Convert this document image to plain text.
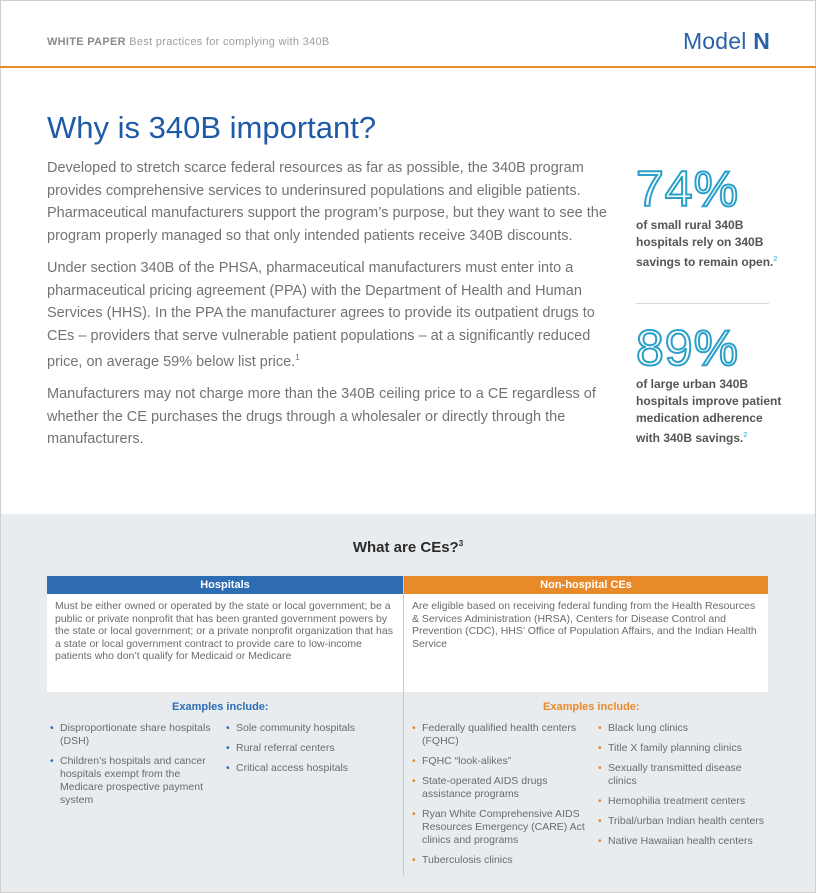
WHITE PAPER Best practices for complying with 340B	Model N
Why is 340B important?

Developed to stretch scarce federal resources as far as possible, the 340B program provides comprehensive services to underinsured populations and eligible patients. Pharmaceutical manufacturers support the program’s purpose, but they want to see the program properly managed so that only intended patients receive 340B discounts.

Under section 340B of the PHSA, pharmaceutical manufacturers must enter into a pharmaceutical pricing agreement (PPA) with the Department of Health and Human Services (HHS). In the PPA the manufacturer agrees to provide its outpatient drugs to CEs – providers that serve vulnerable patient populations – at a significantly reduced price, on average 59% below list price.$^1$

Manufacturers may not charge more than the 340B ceiling price to a CE regardless of whether the CE purchases the drugs through a wholesaler or directly through the manufacturers.

74%
of small rural 340B hospitals rely on 340B savings to remain open.$^2$
89%
of large urban 340B hospitals improve patient medication adherence with 340B savings.$^2$
What are CEs?$^3$
Hospitals
Must be either owned or operated by the state or local government; be a public or private nonprofit that has been granted government powers by the state or local government; or a private nonprofit organization that has a state or local government contract to provide care to low-income patients who don’t qualify for Medicaid or Medicare
Non-hospital CEs
Are eligible based on receiving federal funding from the Health Resources & Services Administration (HRSA), Centers for Disease Control and Prevention (CDC), HHS’ Office of Population Affairs, and the Indian Health Service
Examples include:	Examples include:
• Disproportionate share hospitals (DSH)
• Children’s hospitals and cancer hospitals exempt from the Medicare prospective payment system
• Sole community hospitals
• Rural referral centers
• Critical access hospitals
• Federally qualified health centers (FQHC)
• FQHC “look-alikes”
• State-operated AIDS drugs assistance programs
• Ryan White Comprehensive AIDS Resources Emergency (CARE) Act clinics and programs
• Tuberculosis clinics
• Black lung clinics
• Title X family planning clinics
• Sexually transmitted disease clinics
• Hemophilia treatment centers
• Tribal/urban Indian health centers
• Native Hawaiian health centers
